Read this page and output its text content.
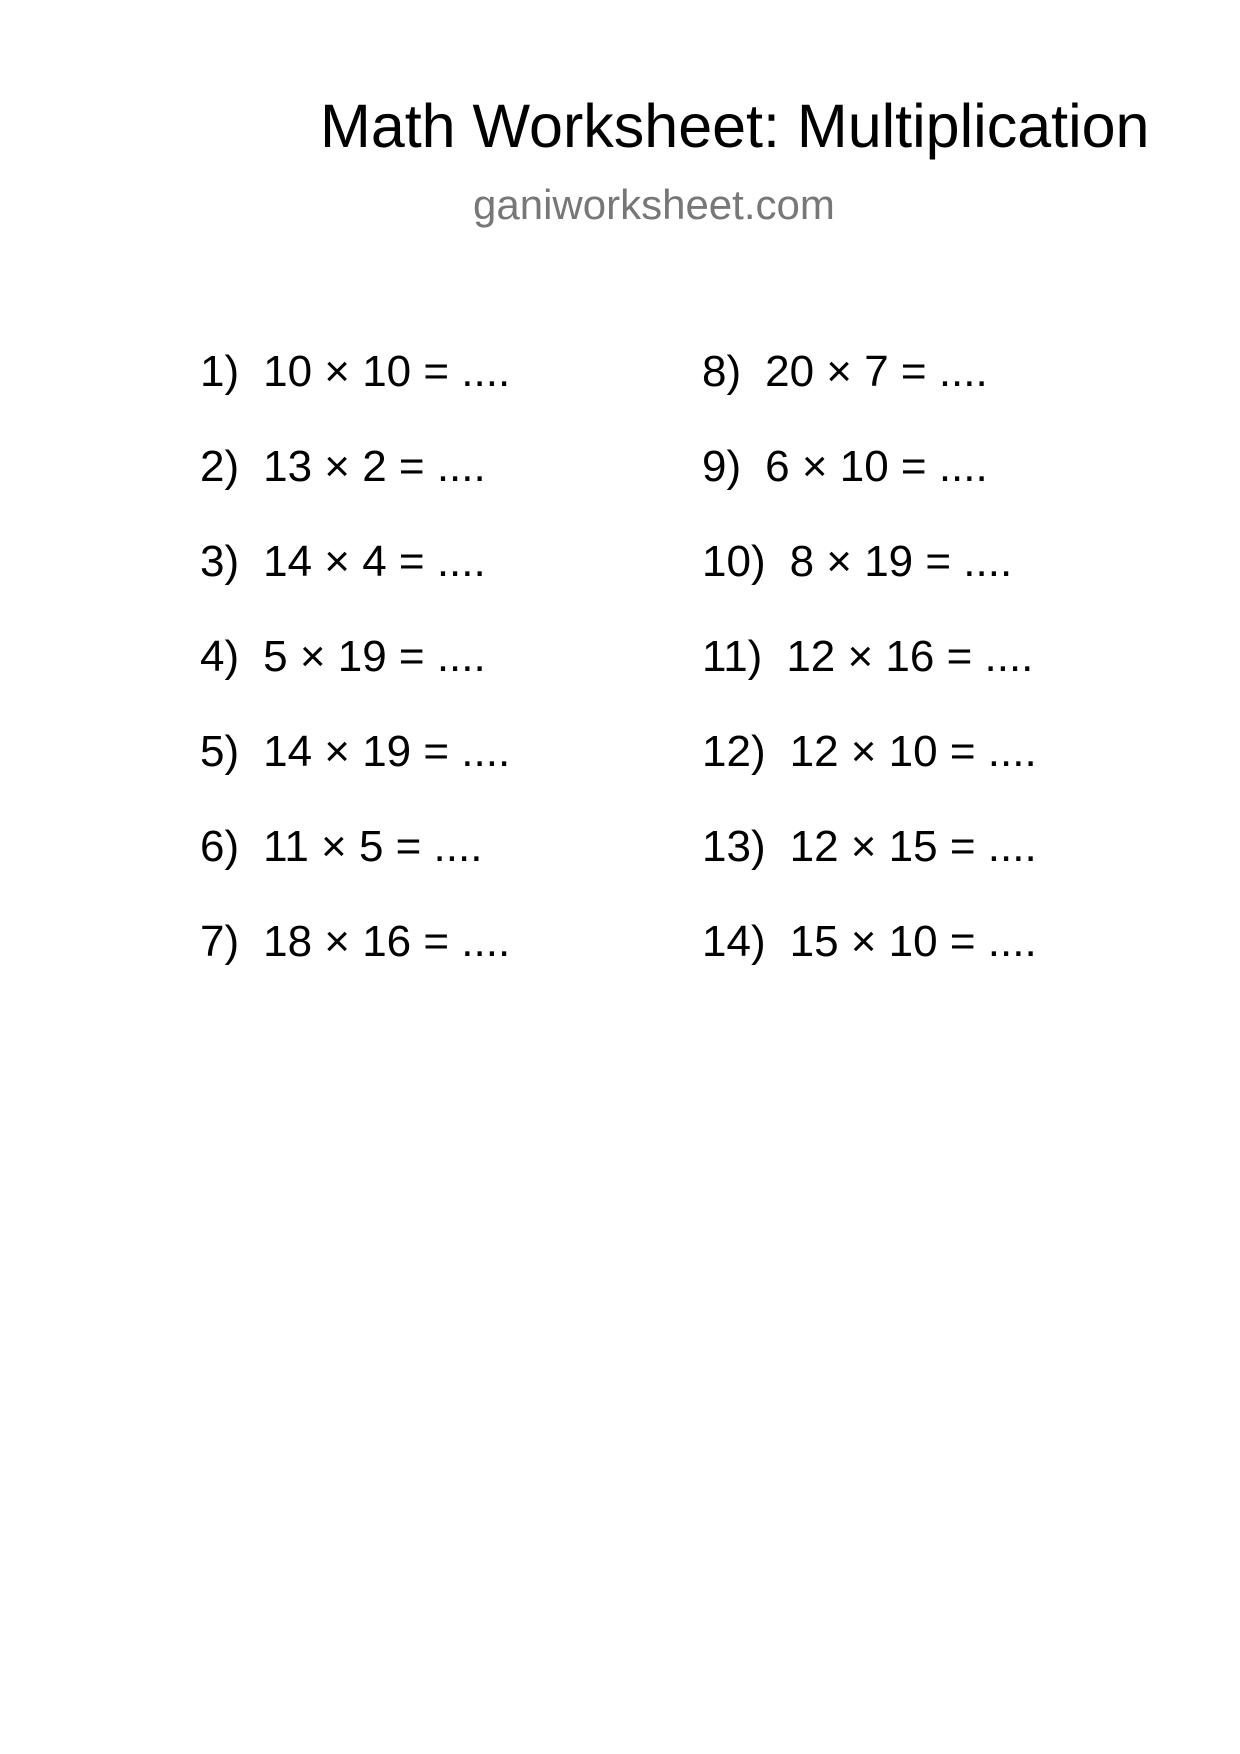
Math Worksheet: Multiplication
ganiworksheet.com
1) 10 × 10 = ....
2) 13 × 2 = ....
3) 14 × 4 = ....
4) 5 × 19 = ....
5) 14 × 19 = ....
6) 11 × 5 = ....
7) 18 × 16 = ....
8) 20 × 7 = ....
9) 6 × 10 = ....
10) 8 × 19 = ....
11) 12 × 16 = ....
12) 12 × 10 = ....
13) 12 × 15 = ....
14) 15 × 10 = ....
